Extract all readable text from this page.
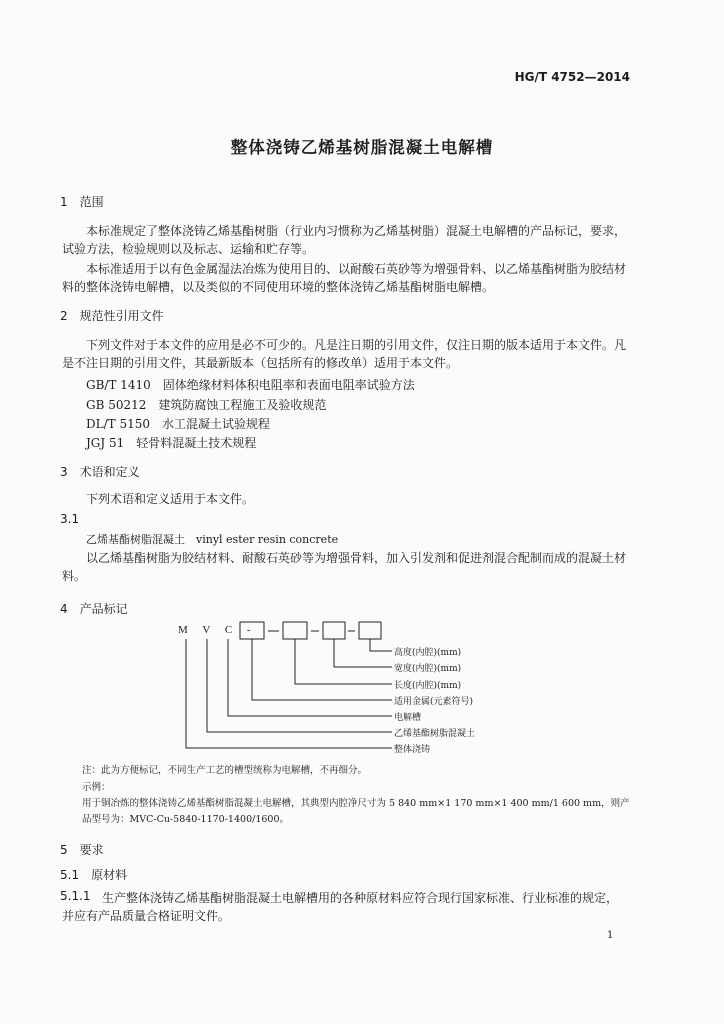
HG/T 4752—2014
整体浇铸乙烯基树脂混凝土电解槽
1　范围
本标准规定了整体浇铸乙烯基酯树脂（行业内习惯称为乙烯基树脂）混凝土电解槽的产品标记，要求，试验方法，检验规则以及标志、运输和贮存等。
本标准适用于以有色金属湿法冶炼为使用目的、以耐酸石英砂等为增强骨料、以乙烯基酯树脂为胶结材料的整体浇铸电解槽，以及类似的不同使用环境的整体浇铸乙烯基酯树脂电解槽。
2　规范性引用文件
下列文件对于本文件的应用是必不可少的。凡是注日期的引用文件，仅注日期的版本适用于本文件。凡是不注日期的引用文件，其最新版本（包括所有的修改单）适用于本文件。
GB/T 1410　固体绝缘材料体积电阻率和表面电阻率试验方法
GB 50212　建筑防腐蚀工程施工及验收规范
DL/T 5150　水工混凝土试验规程
JGJ 51　轻骨料混凝土技术规程
3　术语和定义
下列术语和定义适用于本文件。
3.1
乙烯基酯树脂混凝土　vinyl ester resin concrete
以乙烯基酯树脂为胶结材料、耐酸石英砂等为增强骨料，加入引发剂和促进剂混合配制而成的混凝土材料。
4　产品标记
M V C -
高度(内腔)(mm)
宽度(内腔)(mm)
长度(内腔)(mm)
适用金属(元素符号)
电解槽
乙烯基酯树脂混凝土
整体浇铸
注：此为方便标记，不同生产工艺的槽型统称为电解槽，不再细分。
示例：
用于铜冶炼的整体浇铸乙烯基酯树脂混凝土电解槽，其典型内腔净尺寸为 5 840 mm×1 170 mm×1 400 mm/1 600 mm，则产品型号为：MVC-Cu-5840-1170-1400/1600。
5　要求
5.1　原材料
5.1.1 生产整体浇铸乙烯基酯树脂混凝土电解槽用的各种原材料应符合现行国家标准、行业标准的规定，并应有产品质量合格证明文件。
1
